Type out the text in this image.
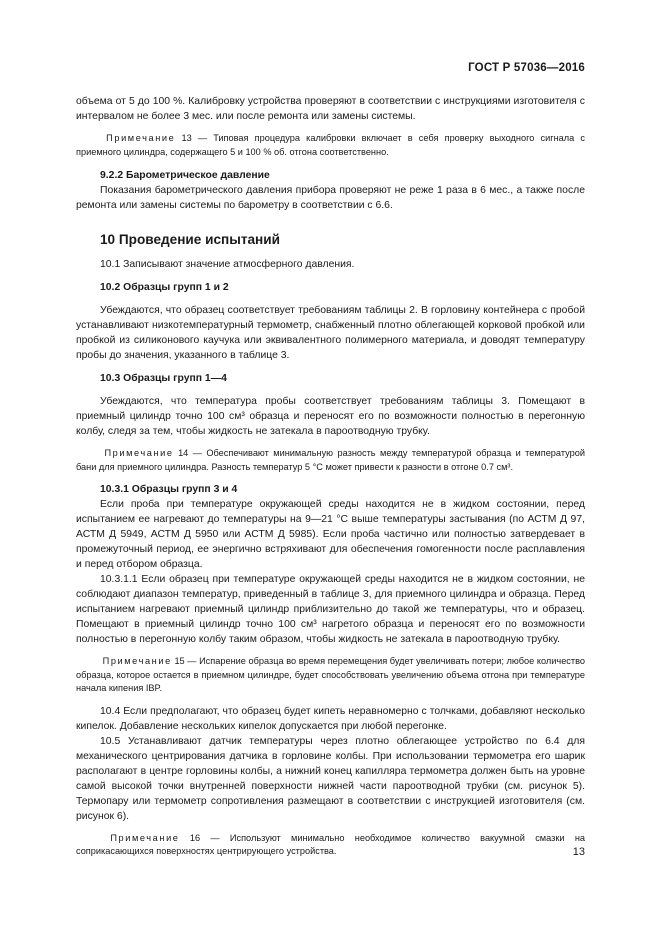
ГОСТ Р 57036—2016

объема от 5 до 100 %. Калибровку устройства проверяют в соответствии с инструкциями изготовителя с интервалом не более 3 мес. или после ремонта или замены системы.

Примечание 13 — Типовая процедура калибровки включает в себя проверку выходного сигнала с приемного цилиндра, содержащего 5 и 100 % об. отгона соответственно.

9.2.2 Барометрическое давление

Показания барометрического давления прибора проверяют не реже 1 раза в 6 мес., а также после ремонта или замены системы по барометру в соответствии с 6.6.

10 Проведение испытаний

10.1 Записывают значение атмосферного давления.

10.2 Образцы групп 1 и 2

Убеждаются, что образец соответствует требованиям таблицы 2. В горловину контейнера с пробой устанавливают низкотемпературный термометр, снабженный плотно облегающей корковой пробкой или пробкой из силиконового каучука или эквивалентного полимерного материала, и доводят температуру пробы до значения, указанного в таблице 3.

10.3 Образцы групп 1—4

Убеждаются, что температура пробы соответствует требованиям таблицы 3. Помещают в приемный цилиндр точно 100 см³ образца и переносят его по возможности полностью в перегонную колбу, следя за тем, чтобы жидкость не затекала в пароотводную трубку.

Примечание 14 — Обеспечивают минимальную разность между температурой образца и температурой бани для приемного цилиндра. Разность температур 5 °С может привести к разности в отгоне 0.7 см³.

10.3.1 Образцы групп 3 и 4

Если проба при температуре окружающей среды находится не в жидком состоянии, перед испытанием ее нагревают до температуры на 9—21 °С выше температуры застывания (по АСТМ Д 97, АСТМ Д 5949, АСТМ Д 5950 или АСТМ Д 5985). Если проба частично или полностью затвердевает в промежуточный период, ее энергично встряхивают для обеспечения гомогенности после расплавления и перед отбором образца.

10.3.1.1 Если образец при температуре окружающей среды находится не в жидком состоянии, не соблюдают диапазон температур, приведенный в таблице 3, для приемного цилиндра и образца. Перед испытанием нагревают приемный цилиндр приблизительно до такой же температуры, что и образец. Помещают в приемный цилиндр точно 100 см³ нагретого образца и переносят его по возможности полностью в перегонную колбу таким образом, чтобы жидкость не затекала в пароотводную трубку.

Примечание 15 — Испарение образца во время перемещения будет увеличивать потери; любое количество образца, которое остается в приемном цилиндре, будет способствовать увеличению объема отгона при температуре начала кипения IBP.

10.4 Если предполагают, что образец будет кипеть неравномерно с толчками, добавляют несколько кипелок. Добавление нескольких кипелок допускается при любой перегонке.

10.5 Устанавливают датчик температуры через плотно облегающее устройство по 6.4 для механического центрирования датчика в горловине колбы. При использовании термометра его шарик располагают в центре горловины колбы, а нижний конец капилляра термометра должен быть на уровне самой высокой точки внутренней поверхности нижней части пароотводной трубки (см. рисунок 5). Термопару или термометр сопротивления размещают в соответствии с инструкцией изготовителя (см. рисунок 6).

Примечание 16 — Используют минимально необходимое количество вакуумной смазки на соприкасающихся поверхностях центрирующего устройства.	13
